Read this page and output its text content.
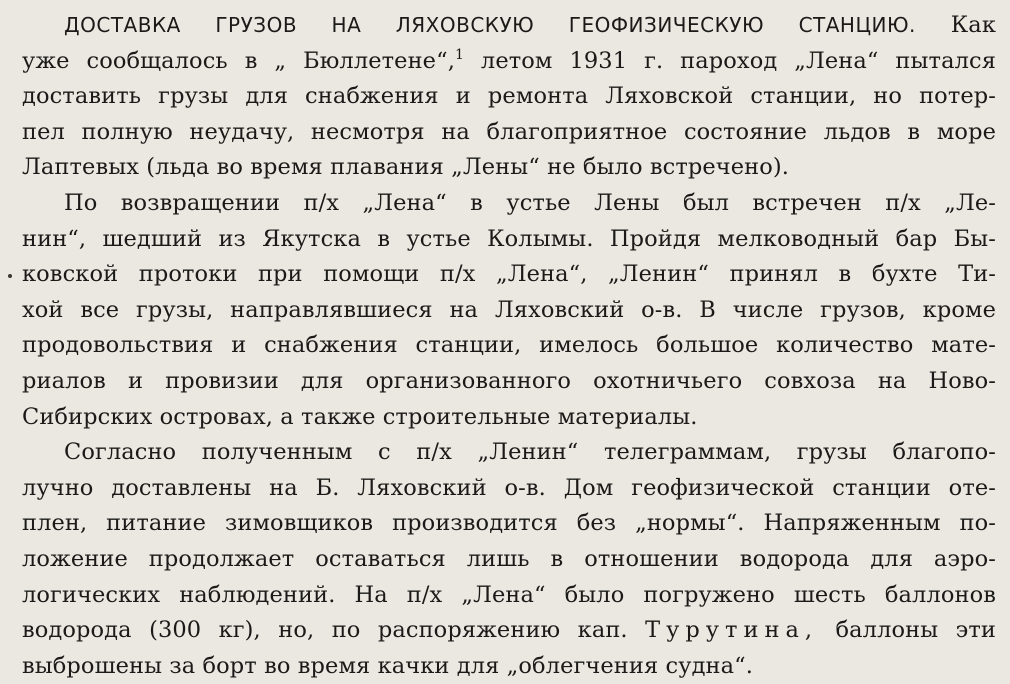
ДОСТАВКА ГРУЗОВ НА ЛЯХОВСКУЮ ГЕОФИЗИЧЕСКУЮ СТАНЦИЮ. Как
уже сообщалось в „ Бюллетене“,$^1$ летом 1931 г. пароход „Лена“ пытался
доставить грузы для снабжения и ремонта Ляховской станции, но потер-
пел полную неудачу, несмотря на благоприятное состояние льдов в море
Лаптевых (льда во время плавания „Лены“ не было встречено).
По возвращении п/х „Лена“ в устье Лены был встречен п/х „Ле-
нин“, шедший из Якутска в устье Колымы. Пройдя мелководный бар Бы-
ковской протоки при помощи п/х „Лена“, „Ленин“ принял в бухте Ти-
хой все грузы, направлявшиеся на Ляховский о-в. В числе грузов, кроме
продовольствия и снабжения станции, имелось большое количество мате-
риалов и провизии для организованного охотничьего совхоза на Ново-
Сибирских островах, а также строительные материалы.
Согласно полученным с п/х „Ленин“ телеграммам, грузы благопо-
лучно доставлены на Б. Ляховский о-в. Дом геофизической станции оте-
плен, питание зимовщиков производится без „нормы“. Напряженным по-
ложение продолжает оставаться лишь в отношении водорода для аэро-
логических наблюдений. На п/х „Лена“ было погружено шесть баллонов
водорода (300 кг), но, по распоряжению кап. Турутина, баллоны эти
выброшены за борт во время качки для „облегчения судна“.
